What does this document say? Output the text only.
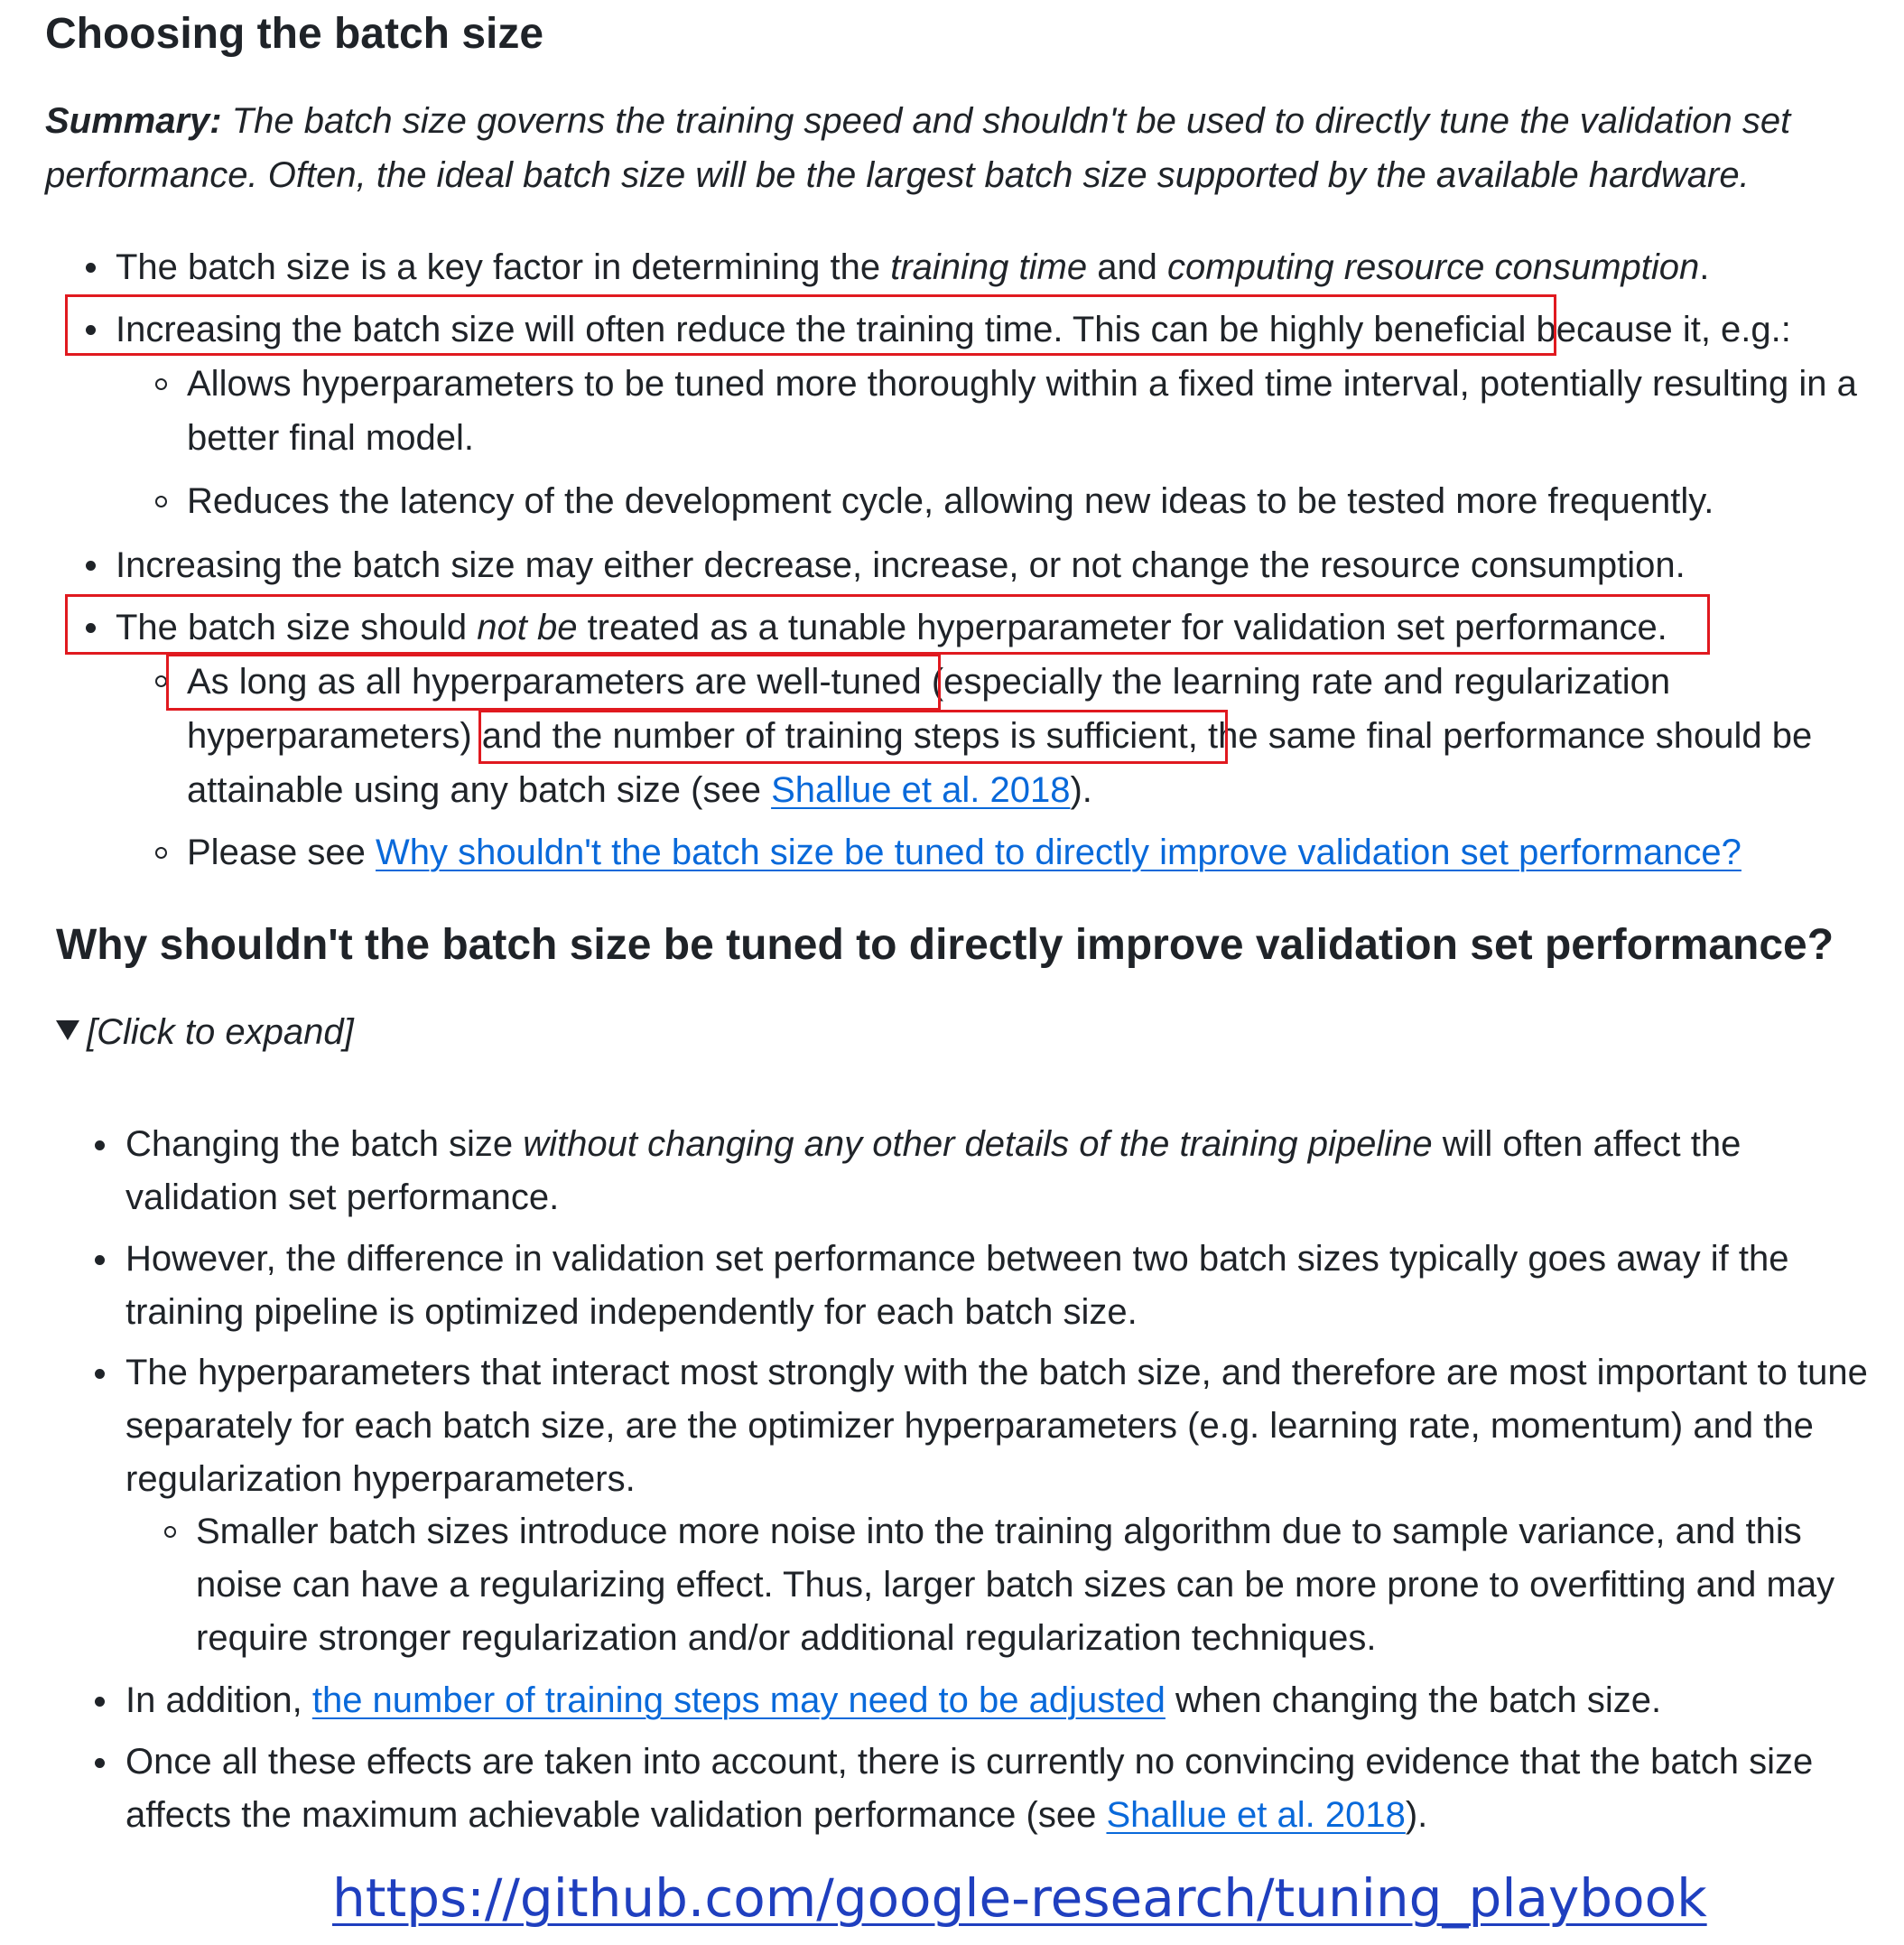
Choosing the batch size
Summary: The batch size governs the training speed and shouldn't be used to directly tune the validation set
performance. Often, the ideal batch size will be the largest batch size supported by the available hardware.
The batch size is a key factor in determining the training time and computing resource consumption.
Increasing the batch size will often reduce the training time. This can be highly beneficial because it, e.g.:
Allows hyperparameters to be tuned more thoroughly within a fixed time interval, potentially resulting in a
better final model.
Reduces the latency of the development cycle, allowing new ideas to be tested more frequently.
Increasing the batch size may either decrease, increase, or not change the resource consumption.
The batch size should not be treated as a tunable hyperparameter for validation set performance.
As long as all hyperparameters are well-tuned (especially the learning rate and regularization
hyperparameters) and the number of training steps is sufficient, the same final performance should be
attainable using any batch size (see Shallue et al. 2018).
Please see Why shouldn't the batch size be tuned to directly improve validation set performance?
Why shouldn't the batch size be tuned to directly improve validation set performance?
[Click to expand]
Changing the batch size without changing any other details of the training pipeline will often affect the
validation set performance.
However, the difference in validation set performance between two batch sizes typically goes away if the
training pipeline is optimized independently for each batch size.
The hyperparameters that interact most strongly with the batch size, and therefore are most important to tune
separately for each batch size, are the optimizer hyperparameters (e.g. learning rate, momentum) and the
regularization hyperparameters.
Smaller batch sizes introduce more noise into the training algorithm due to sample variance, and this
noise can have a regularizing effect. Thus, larger batch sizes can be more prone to overfitting and may
require stronger regularization and/or additional regularization techniques.
In addition, the number of training steps may need to be adjusted when changing the batch size.
Once all these effects are taken into account, there is currently no convincing evidence that the batch size
affects the maximum achievable validation performance (see Shallue et al. 2018).
https://github.com/google-research/tuning_playbook
